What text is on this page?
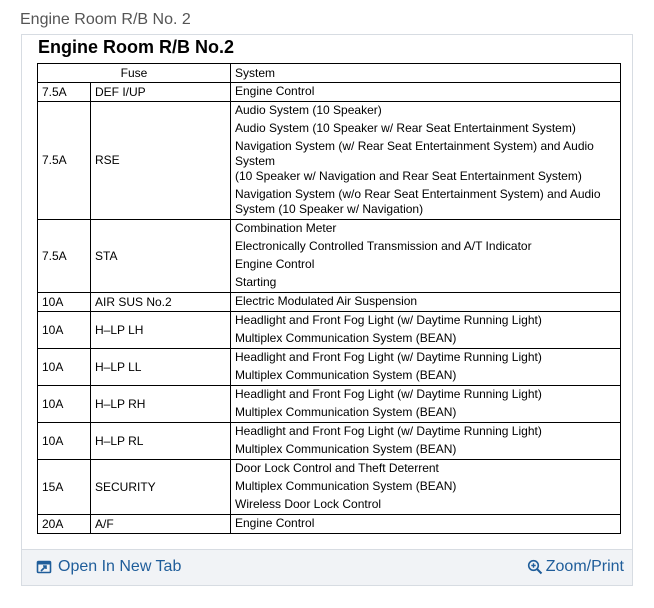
Engine Room R/B No. 2
Engine Room R/B No.2
Fuse		System
7.5A	DEF I/UP	Engine Control

7.5A	RSE	Audio System (10 Speaker)
Audio System (10 Speaker w/ Rear Seat Entertainment System)
Navigation System (w/ Rear Seat Entertainment System) and Audio System
(10 Speaker w/ Navigation and Rear Seat Entertainment System)
Navigation System (w/o Rear Seat Entertainment System) and Audio System (10 Speaker w/ Navigation)

7.5A	STA	Combination Meter
Electronically Controlled Transmission and A/T Indicator
Engine Control
Starting

10A	AIR SUS No.2	Electric Modulated Air Suspension

10A	H–LP LH	Headlight and Front Fog Light (w/ Daytime Running Light)
Multiplex Communication System (BEAN)

10A	H–LP LL	Headlight and Front Fog Light (w/ Daytime Running Light)
Multiplex Communication System (BEAN)

10A	H–LP RH	Headlight and Front Fog Light (w/ Daytime Running Light)
Multiplex Communication System (BEAN)

10A	H–LP RL	Headlight and Front Fog Light (w/ Daytime Running Light)
Multiplex Communication System (BEAN)

15A	SECURITY	Door Lock Control and Theft Deterrent
Multiplex Communication System (BEAN)
Wireless Door Lock Control

20A	A/F	Engine Control
Open In New Tab	Zoom/Print
